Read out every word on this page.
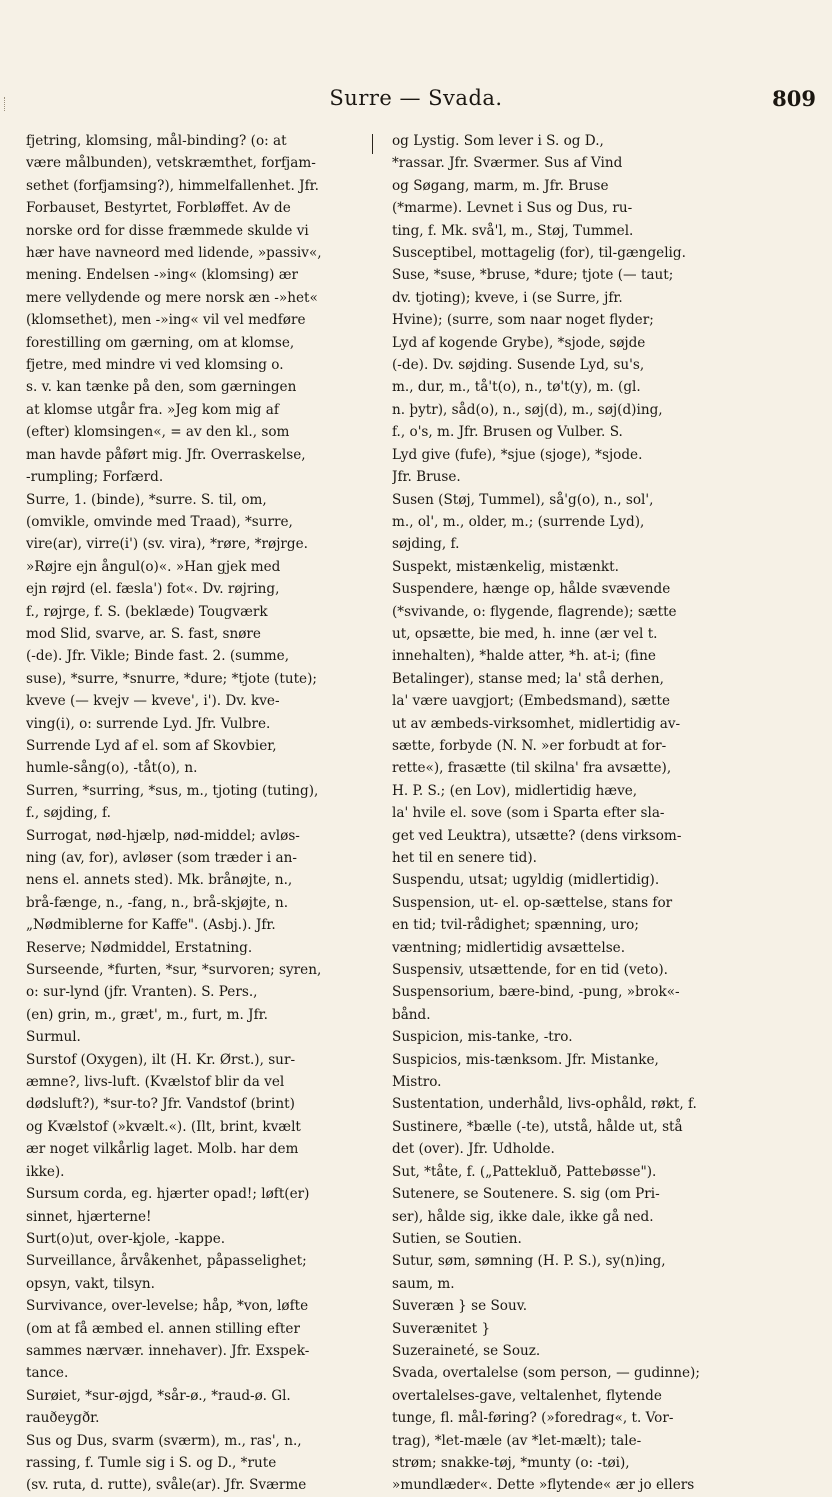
Surre — Svada.	809

fjetring, klomsing, mål-binding? (o: at

være målbunden), vetskræmthet, forfjam-

sethet (forfjamsing?), himmelfallenhet. Jfr.

Forbauset, Bestyrtet, Forbløffet. Av de

norske ord for disse fræmmede skulde vi

hær have navneord med lidende, »passiv«,

mening. Endelsen -»ing« (klomsing) ær

mere vellydende og mere norsk æn -»het«

(klomsethet), men -»ing« vil vel medføre

forestilling om gærning, om at klomse,

fjetre, med mindre vi ved klomsing o.

s. v. kan tænke på den, som gærningen

at klomse utgår fra. »Jeg kom mig af

(efter) klomsingen«, = av den kl., som

man havde påført mig. Jfr. Overraskelse,

-rumpling; Forfærd.

Surre, 1. (binde), *surre. S. til, om,

(omvikle, omvinde med Traad), *surre,

vire(ar), virre(i') (sv. vira), *røre, *røjrge.

»Røjre ejn ångul(o)«. »Han gjek med

ejn røjrd (el. fæsla') fot«. Dv. røjring,

f., røjrge, f. S. (beklæde) Tougværk

mod Slid, svarve, ar. S. fast, snøre

(-de). Jfr. Vikle; Binde fast. 2. (summe,

suse), *surre, *snurre, *dure; *tjote (tute);

kveve (— kvejv — kveve', i'). Dv. kve-

ving(i), o: surrende Lyd. Jfr. Vulbre.

Surrende Lyd af el. som af Skovbier,

humle-sång(o), -tåt(o), n.

Surren, *surring, *sus, m., tjoting (tuting),

f., søjding, f.

Surrogat, nød-hjælp, nød-middel; avløs-

ning (av, for), avløser (som træder i an-

nens el. annets sted). Mk. brånøjte, n.,

brå-fænge, n., -fang, n., brå-skjøjte, n.

„Nødmiblerne for Kaffe". (Asbj.). Jfr.

Reserve; Nødmiddel, Erstatning.

Surseende, *furten, *sur, *survoren; syren,

o: sur-lynd (jfr. Vranten). S. Pers.,

(en) grin, m., græt', m., furt, m. Jfr.

Surmul.

Surstof (Oxygen), ilt (H. Kr. Ørst.), sur-

æmne?, livs-luft. (Kvælstof blir da vel

dødsluft?), *sur-to? Jfr. Vandstof (brint)

og Kvælstof (»kvælt.«). (Ilt, brint, kvælt

ær noget vilkårlig laget. Molb. har dem

ikke).

Sursum corda, eg. hjærter opad!; løft(er)

sinnet, hjærterne!

Surt(o)ut, over-kjole, -kappe.

Surveillance, årvåkenhet, påpasselighet;

opsyn, vakt, tilsyn.

Survivance, over-levelse; håp, *von, løfte

(om at få æmbed el. annen stilling efter

sammes nærvær. innehaver). Jfr. Exspek-

tance.

Surøiet, *sur-øjgd, *sår-ø., *raud-ø. Gl.

rauðeygðr.

Sus og Dus, svarm (sværm), m., ras', n.,

rassing, f. Tumle sig i S. og D., *rute

(sv. ruta, d. rutte), svåle(ar). Jfr. Sværme

og Lystig. Som lever i S. og D.,

*rassar. Jfr. Sværmer. Sus af Vind

og Søgang, marm, m. Jfr. Bruse

(*marme). Levnet i Sus og Dus, ru-

ting, f. Mk. svå'l, m., Støj, Tummel.

Susceptibel, mottagelig (for), til-gængelig.

Suse, *suse, *bruse, *dure; tjote (— taut;

dv. tjoting); kveve, i (se Surre, jfr.

Hvine); (surre, som naar noget flyder;

Lyd af kogende Grybe), *sjode, søjde

(-de). Dv. søjding. Susende Lyd, su's,

m., dur, m., tå't(o), n., tø't(y), m. (gl.

n. þytr), såd(o), n., søj(d), m., søj(d)ing,

f., o's, m. Jfr. Brusen og Vulber. S.

Lyd give (fufe), *sjue (sjoge), *sjode.

Jfr. Bruse.

Susen (Støj, Tummel), så'g(o), n., sol',

m., ol', m., older, m.; (surrende Lyd),

søjding, f.

Suspekt, mistænkelig, mistænkt.

Suspendere, hænge op, hålde svævende

(*svivande, o: flygende, flagrende); sætte

ut, opsætte, bie med, h. inne (ær vel t.

innehalten), *halde atter, *h. at-i; (fine

Betalinger), stanse med; la' stå derhen,

la' være uavgjort; (Embedsmand), sætte

ut av æmbeds-virksomhet, midlertidig av-

sætte, forbyde (N. N. »er forbudt at for-

rette«), frasætte (til skilna' fra avsætte),

H. P. S.; (en Lov), midlertidig hæve,

la' hvile el. sove (som i Sparta efter sla-

get ved Leuktra), utsætte? (dens virksom-

het til en senere tid).

Suspendu, utsat; ugyldig (midlertidig).

Suspension, ut- el. op-sættelse, stans for

en tid; tvil-rådighet; spænning, uro;

væntning; midlertidig avsættelse.

Suspensiv, utsættende, for en tid (veto).

Suspensorium, bære-bind, -pung, »brok«-

bånd.

Suspicion, mis-tanke, -tro.

Suspicios, mis-tænksom. Jfr. Mistanke,

Mistro.

Sustentation, underhåld, livs-ophåld, røkt, f.

Sustinere, *bælle (-te), utstå, hålde ut, stå

det (over). Jfr. Udholde.

Sut, *tåte, f. („Pattekluð, Pattebøsse").

Sutenere, se Soutenere. S. sig (om Pri-

ser), hålde sig, ikke dale, ikke gå ned.

Sutien, se Soutien.

Sutur, søm, sømning (H. P. S.), sy(n)ing,

saum, m.

Suveræn } se Souv.

Suverænitet }

Suzeraineté, se Souz.

Svada, overtalelse (som person, — gudinne);

overtalelses-gave, veltalenhet, flytende

tunge, fl. mål-føring? (»foredrag«, t. Vor-

trag), *let-mæle (av *let-mælt); tale-

strøm; snakke-tøj, *munty (o: -tøi),

»mundlæder«. Dette »flytende« ær jo ellers
